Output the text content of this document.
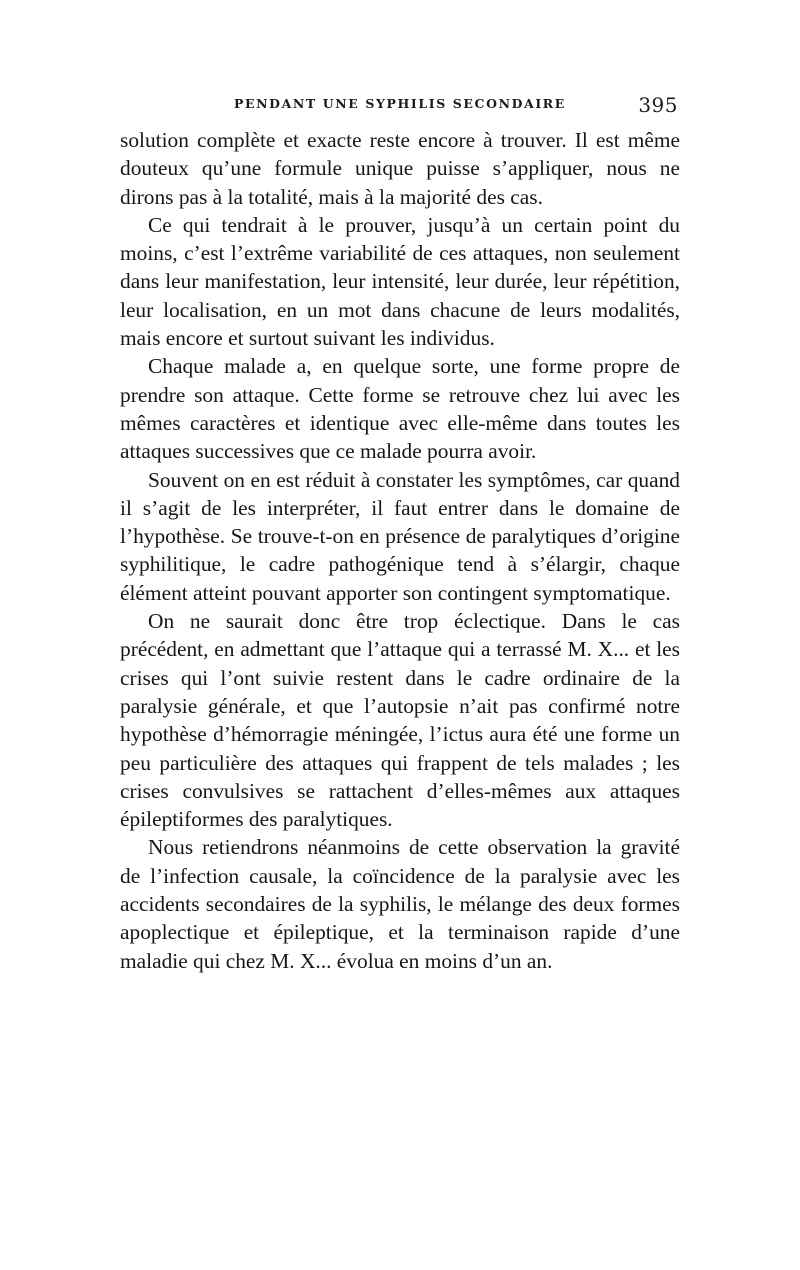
PENDANT UNE SYPHILIS SECONDAIRE	395

solution complète et exacte reste encore à trouver. Il est même douteux qu’une formule unique puisse s’appliquer, nous ne dirons pas à la totalité, mais à la majorité des cas.

Ce qui tendrait à le prouver, jusqu’à un certain point du moins, c’est l’extrême variabilité de ces attaques, non seulement dans leur manifestation, leur intensité, leur durée, leur répétition, leur localisation, en un mot dans chacune de leurs modalités, mais encore et surtout suivant les individus.

Chaque malade a, en quelque sorte, une forme propre de prendre son attaque. Cette forme se retrouve chez lui avec les mêmes caractères et identique avec elle-même dans toutes les attaques successives que ce malade pourra avoir.

Souvent on en est réduit à constater les symptômes, car quand il s’agit de les interpréter, il faut entrer dans le domaine de l’hypothèse. Se trouve-t-on en présence de paralytiques d’origine syphilitique, le cadre pathogénique tend à s’élargir, chaque élément atteint pouvant apporter son contingent symptomatique.

On ne saurait donc être trop éclectique. Dans le cas précédent, en admettant que l’attaque qui a terrassé M. X... et les crises qui l’ont suivie restent dans le cadre ordinaire de la paralysie générale, et que l’autopsie n’ait pas confirmé notre hypothèse d’hémorragie méningée, l’ictus aura été une forme un peu particulière des attaques qui frappent de tels malades ; les crises convulsives se rattachent d’elles-mêmes aux attaques épileptiformes des paralytiques.

Nous retiendrons néanmoins de cette observation la gravité de l’infection causale, la coïncidence de la paralysie avec les accidents secondaires de la syphilis, le mélange des deux formes apoplectique et épileptique, et la terminaison rapide d’une maladie qui chez M. X... évolua en moins d’un an.
